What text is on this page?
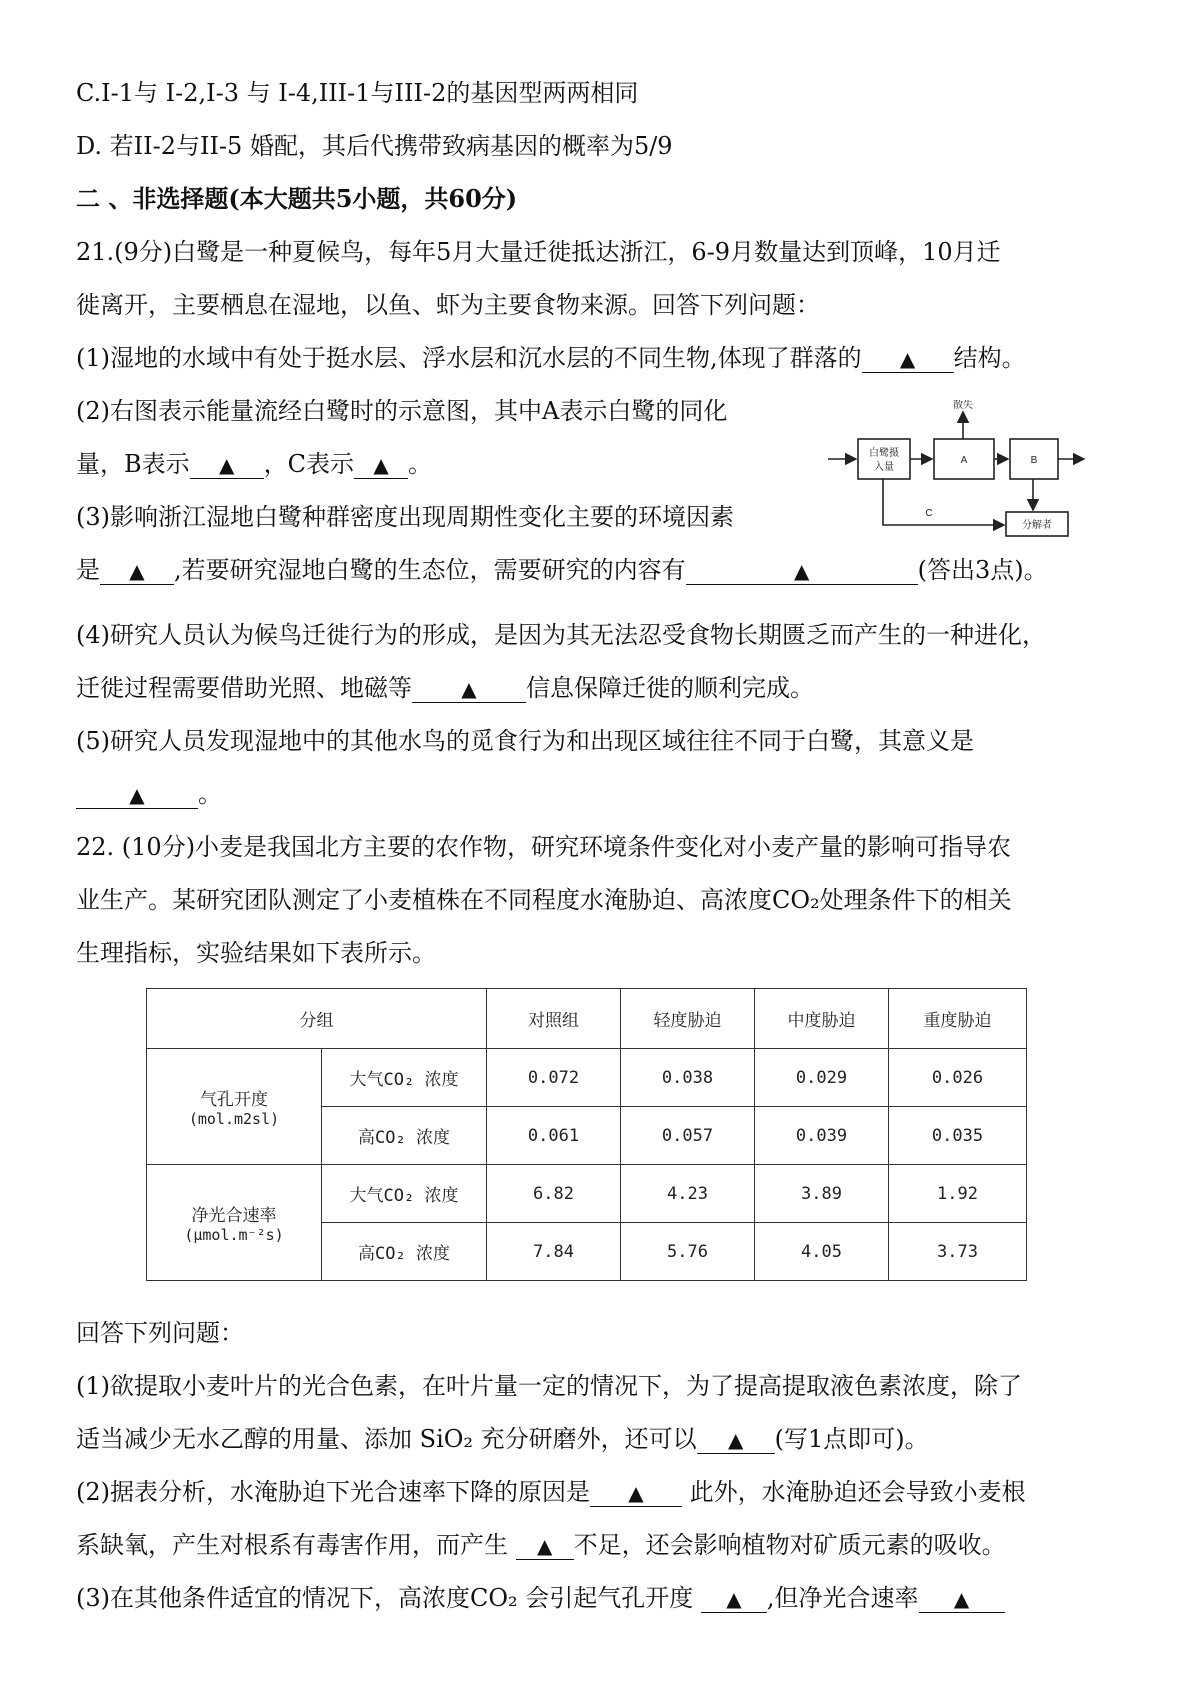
C.I-1与 I-2,I-3 与 I-4,III-1与III-2的基因型两两相同
D. 若II-2与II-5 婚配，其后代携带致病基因的概率为5/9
二 、非选择题(本大题共5小题，共60分)
21.(9分)白鹭是一种夏候鸟，每年5月大量迁徙抵达浙江，6-9月数量达到顶峰，10月迁
徙离开，主要栖息在湿地，以鱼、虾为主要食物来源。回答下列问题：
(1)湿地的水域中有处于挺水层、浮水层和沉水层的不同生物,体现了群落的 ▲ 结构。
(2)右图表示能量流经白鹭时的示意图，其中A表示白鹭的同化
量，B表示 ▲ ，C表示 ▲ 。
(3)影响浙江湿地白鹭种群密度出现周期性变化主要的环境因素
是 ▲ ,若要研究湿地白鹭的生态位，需要研究的内容有	▲	(答出3点)。
(4)研究人员认为候鸟迁徙行为的形成，是因为其无法忍受食物长期匮乏而产生的一种进化，
迁徙过程需要借助光照、地磁等 ▲ 信息保障迁徙的顺利完成。
(5)研究人员发现湿地中的其他水鸟的觅食行为和出现区域往往不同于白鹭，其意义是
▲ 。
白鹭摄
入量
A	B
分解者
散失
C
22. (10分)小麦是我国北方主要的农作物，研究环境条件变化对小麦产量的影响可指导农
业生产。某研究团队测定了小麦植株在不同程度水淹胁迫、高浓度CO₂处理条件下的相关
生理指标，实验结果如下表所示。
分组		对照组	轻度胁迫	中度胁迫	重度胁迫

气孔开度
(mol.m2sl)	大气CO₂ 浓度	0.072	0.038	0.029	0.026
	高CO₂ 浓度	0.061	0.057	0.039	0.035

净光合速率
(μmol.m⁻²s)	大气CO₂ 浓度	6.82	4.23	3.89	1.92
	高CO₂ 浓度	7.84	5.76	4.05	3.73
回答下列问题：
(1)欲提取小麦叶片的光合色素，在叶片量一定的情况下，为了提高提取液色素浓度，除了
适当减少无水乙醇的用量、添加 SiO₂ 充分研磨外，还可以 ▲ (写1点即可)。
(2)据表分析，水淹胁迫下光合速率下降的原因是 ▲ 此外，水淹胁迫还会导致小麦根
系缺氧，产生对根系有毒害作用，而产生 ▲ 不足，还会影响植物对矿质元素的吸收。
(3)在其他条件适宜的情况下，高浓度CO₂ 会引起气孔开度 ▲ ,但净光合速率 ▲
